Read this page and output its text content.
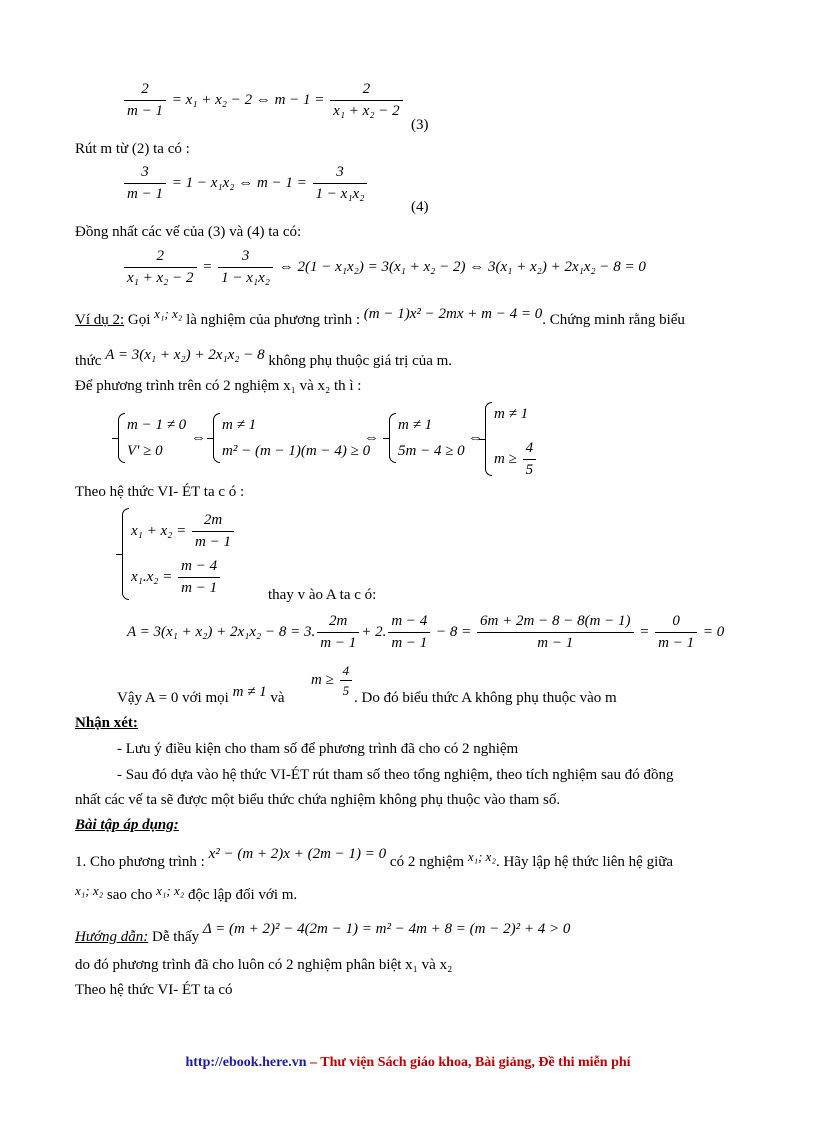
$\frac{2}{m - 1} = x_1 + x_2 - 2$ ⇔ $m - 1 = \frac{2}{\text{x₁ + x₂ − 2}}$
(3)
Rút m từ (2) ta có :
$\frac{3}{m - 1} = 1 - x_1x_2$ ⇔ $m - 1 = \frac{3}{\text{1 − x₁x₂}}$
(4)
Đồng nhất các vế của (3) và (4) ta có:
$\frac{2}{\text{x₁ + x₂ − 2}} = \frac{3}{\text{1 − x₁x₂}}$ ⇔ 2(1 − x₁x₂) = 3(x₁ + x₂ − 2) ⇔ 3(x₁ + x₂) + 2x₁x₂ − 8 = 0
Ví dụ 2: Gọi x₁; x₂ là nghiệm của phương trình : (m − 1)x² − 2mx + m − 4 = 0. Chứng minh rằng biểu
thức A = 3(x₁ + x₂) + 2x₁x₂ − 8 không phụ thuộc giá trị của m.
Để phương trình trên có 2 nghiệm x₁ và x₂ th ì :
m − 1 ≠ 0
V' ≥ 0
⇔
m ≠ 1
m² − (m − 1)(m − 4) ≥ 0
⇔
m ≠ 1
5m − 4 ≥ 0
⇔
m ≠ 1
$m \ge \frac{4}{5}$
Theo hệ thức VI- ÉT ta c ó :
$x_1 + x_2 = \frac{2m}{m - 1}$
$x_1.x_2 = \frac{m - 4}{m - 1}$	thay v ào A ta c ó:
A = 3(x₁ + x₂) + 2x₁x₂ − 8 = 3. $\frac{2m}{m - 1} + 2$. $\frac{m - 4}{m - 1} - 8 = \frac{6m + 2m - 8 - 8(m - 1)}{m - 1} = \frac{0}{m - 1} = 0$
Vậy A = 0 với mọi m ≠ 1 và
$m \ge \frac{4}{5}$
. Do đó biểu thức A không phụ thuộc vào m
Nhận xét:
- Lưu ý điều kiện cho tham số để phương trình đã cho có 2 nghiệm
- Sau đó dựa vào hệ thức VI-ÉT rút tham số theo tổng nghiệm, theo tích nghiệm sau đó đồng
nhất các vế ta sẽ được một biểu thức chứa nghiệm không phụ thuộc vào tham số.
Bài tập áp dụng:
1. Cho phương trình : x² − (m + 2)x + (2m − 1) = 0 có 2 nghiệm x₁; x₂. Hãy lập hệ thức liên hệ giữa
x₁; x₂ sao cho x₁; x₂ độc lập đối với m.
Hướng dẫn: Dễ thấy Δ = (m + 2)² − 4(2m − 1) = m² − 4m + 8 = (m − 2)² + 4 > 0
do đó phương trình đã cho luôn có 2 nghiệm phân biệt x₁ và x₂
Theo hệ thức VI- ÉT ta có
http://ebook.here.vn – Thư viện Sách giáo khoa, Bài giảng, Đề thi miễn phí
